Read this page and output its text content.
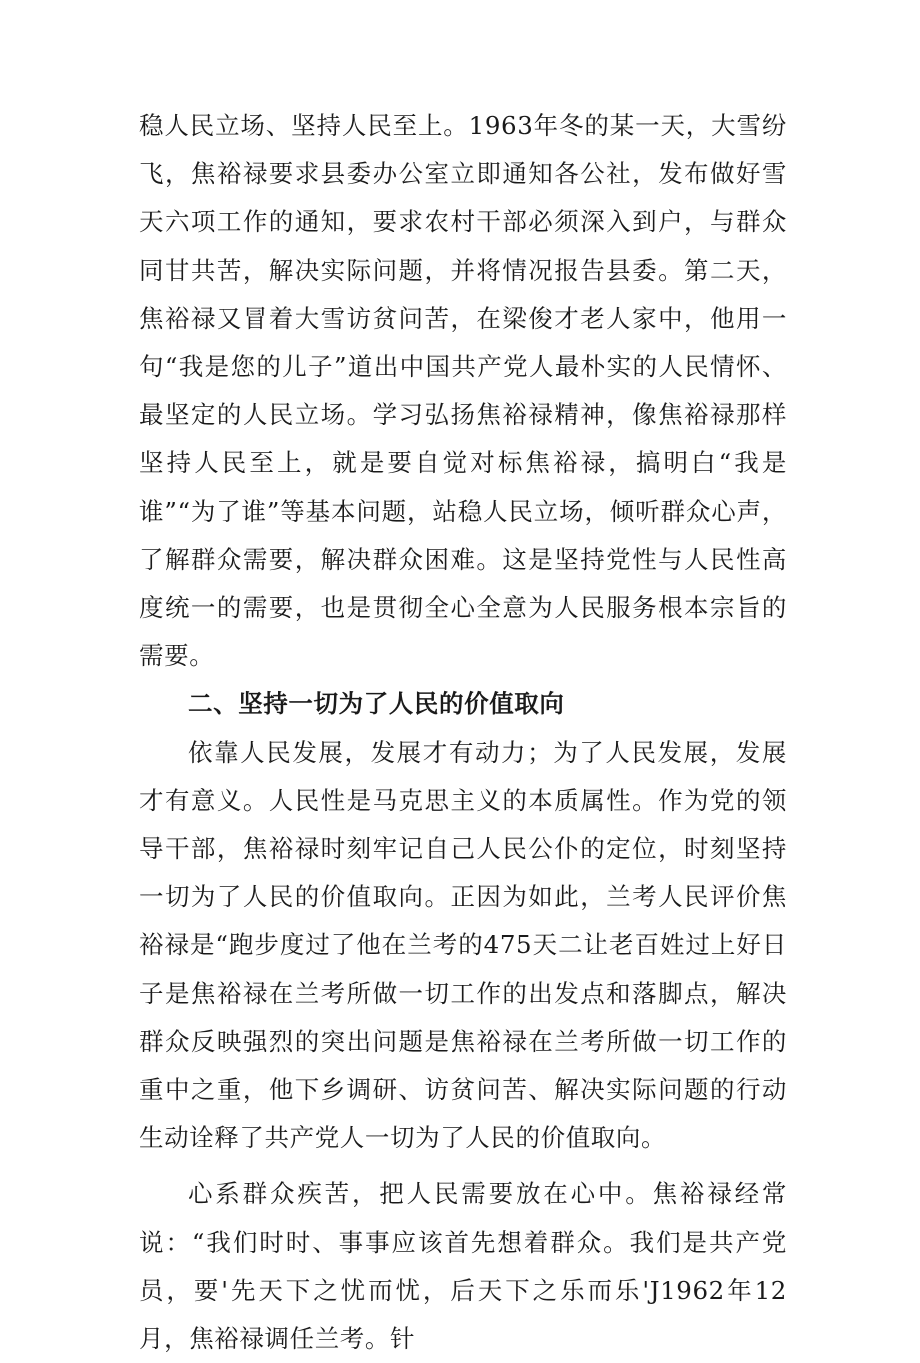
稳人民立场、坚持人民至上。1963年冬的某一天，大雪纷飞，焦裕禄要求县委办公室立即通知各公社，发布做好雪天六项工作的通知，要求农村干部必须深入到户，与群众同甘共苦，解决实际问题，并将情况报告县委。第二天，焦裕禄又冒着大雪访贫问苦，在梁俊才老人家中，他用一句“我是您的儿子”道出中国共产党人最朴实的人民情怀、最坚定的人民立场。学习弘扬焦裕禄精神，像焦裕禄那样坚持人民至上，就是要自觉对标焦裕禄，搞明白“我是谁”“为了谁”等基本问题，站稳人民立场，倾听群众心声，了解群众需要，解决群众困难。这是坚持党性与人民性高度统一的需要，也是贯彻全心全意为人民服务根本宗旨的需要。

二、坚持一切为了人民的价值取向

依靠人民发展，发展才有动力；为了人民发展，发展才有意义。人民性是马克思主义的本质属性。作为党的领导干部，焦裕禄时刻牢记自己人民公仆的定位，时刻坚持一切为了人民的价值取向。正因为如此，兰考人民评价焦裕禄是“跑步度过了他在兰考的475天二让老百姓过上好日子是焦裕禄在兰考所做一切工作的出发点和落脚点，解决群众反映强烈的突出问题是焦裕禄在兰考所做一切工作的重中之重，他下乡调研、访贫问苦、解决实际问题的行动生动诠释了共产党人一切为了人民的价值取向。

心系群众疾苦，把人民需要放在心中。焦裕禄经常说：“我们时时、事事应该首先想着群众。我们是共产党员，要'先天下之忧而忧，后天下之乐而乐'J1962年12月，焦裕禄调任兰考。针
